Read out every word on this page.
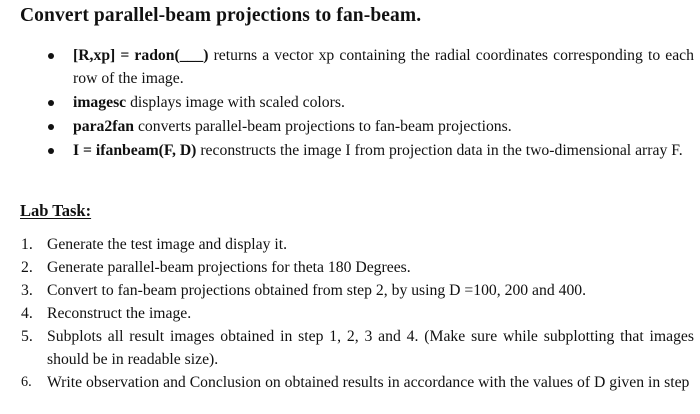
Convert parallel-beam projections to fan-beam.
[R,xp] = radon(___) returns a vector xp containing the radial coordinates corresponding to each row of the image.
imagesc displays image with scaled colors.
para2fan converts parallel-beam projections to fan-beam projections.
I = ifanbeam(F, D) reconstructs the image I from projection data in the two-dimensional array F.
Lab Task:
1. Generate the test image and display it.
2. Generate parallel-beam projections for theta 180 Degrees.
3. Convert to fan-beam projections obtained from step 2, by using D =100, 200 and 400.
4. Reconstruct the image.
5. Subplots all result images obtained in step 1, 2, 3 and 4. (Make sure while subplotting that images should be in readable size).
6. Write observation and Conclusion on obtained results in accordance with the values of D given in step
